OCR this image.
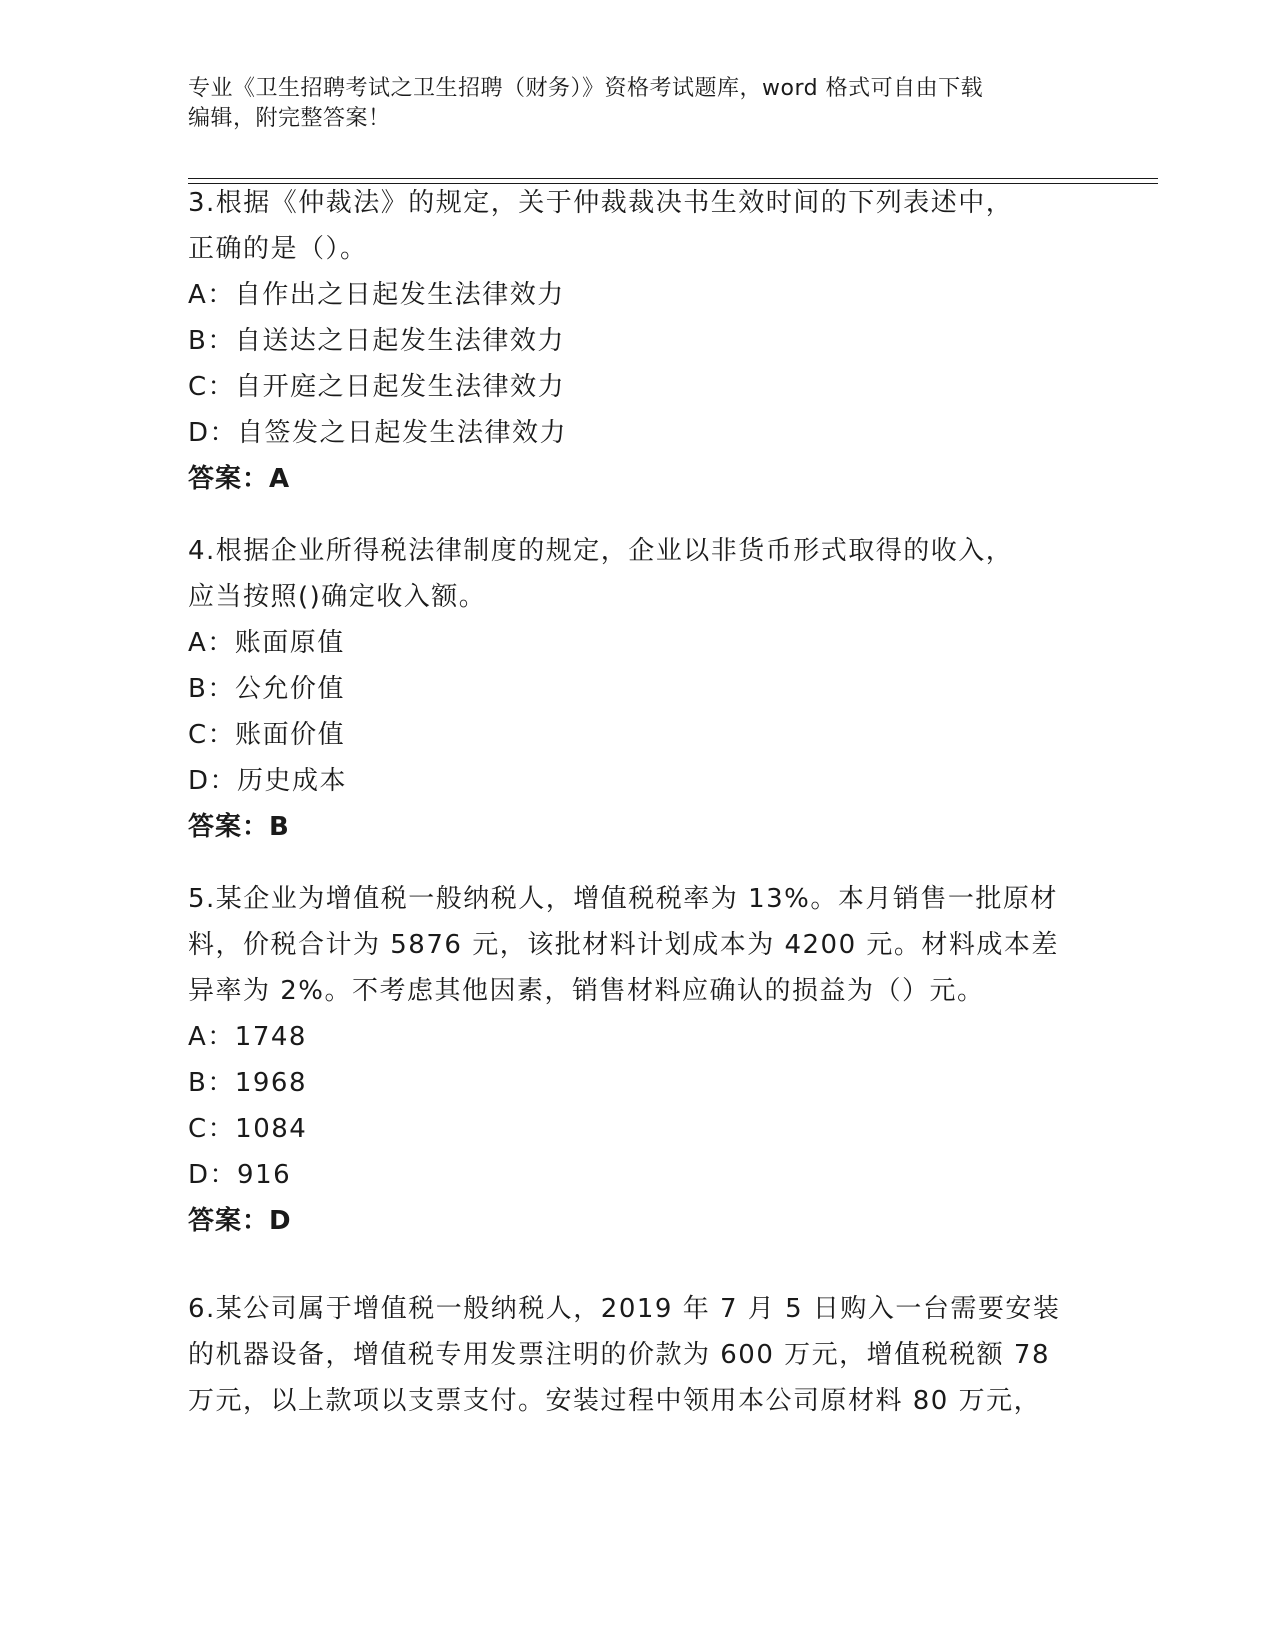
专业《卫生招聘考试之卫生招聘（财务）》资格考试题库，word 格式可自由下载
编辑，附完整答案！
3.根据《仲裁法》的规定，关于仲裁裁决书生效时间的下列表述中，
正确的是（）。
A：自作出之日起发生法律效力
B：自送达之日起发生法律效力
C：自开庭之日起发生法律效力
D：自签发之日起发生法律效力
答案：A
4.根据企业所得税法律制度的规定，企业以非货币形式取得的收入，
应当按照()确定收入额。
A：账面原值
B：公允价值
C：账面价值
D：历史成本
答案：B
5.某企业为增值税一般纳税人，增值税税率为 13%。本月销售一批原材
料，价税合计为 5876 元，该批材料计划成本为 4200 元。材料成本差
异率为 2%。不考虑其他因素，销售材料应确认的损益为（）元。
A：1748
B：1968
C：1084
D：916
答案：D
6.某公司属于增值税一般纳税人，2019 年 7 月 5 日购入一台需要安装
的机器设备，增值税专用发票注明的价款为 600 万元，增值税税额 78
万元，以上款项以支票支付。安装过程中领用本公司原材料 80 万元，
